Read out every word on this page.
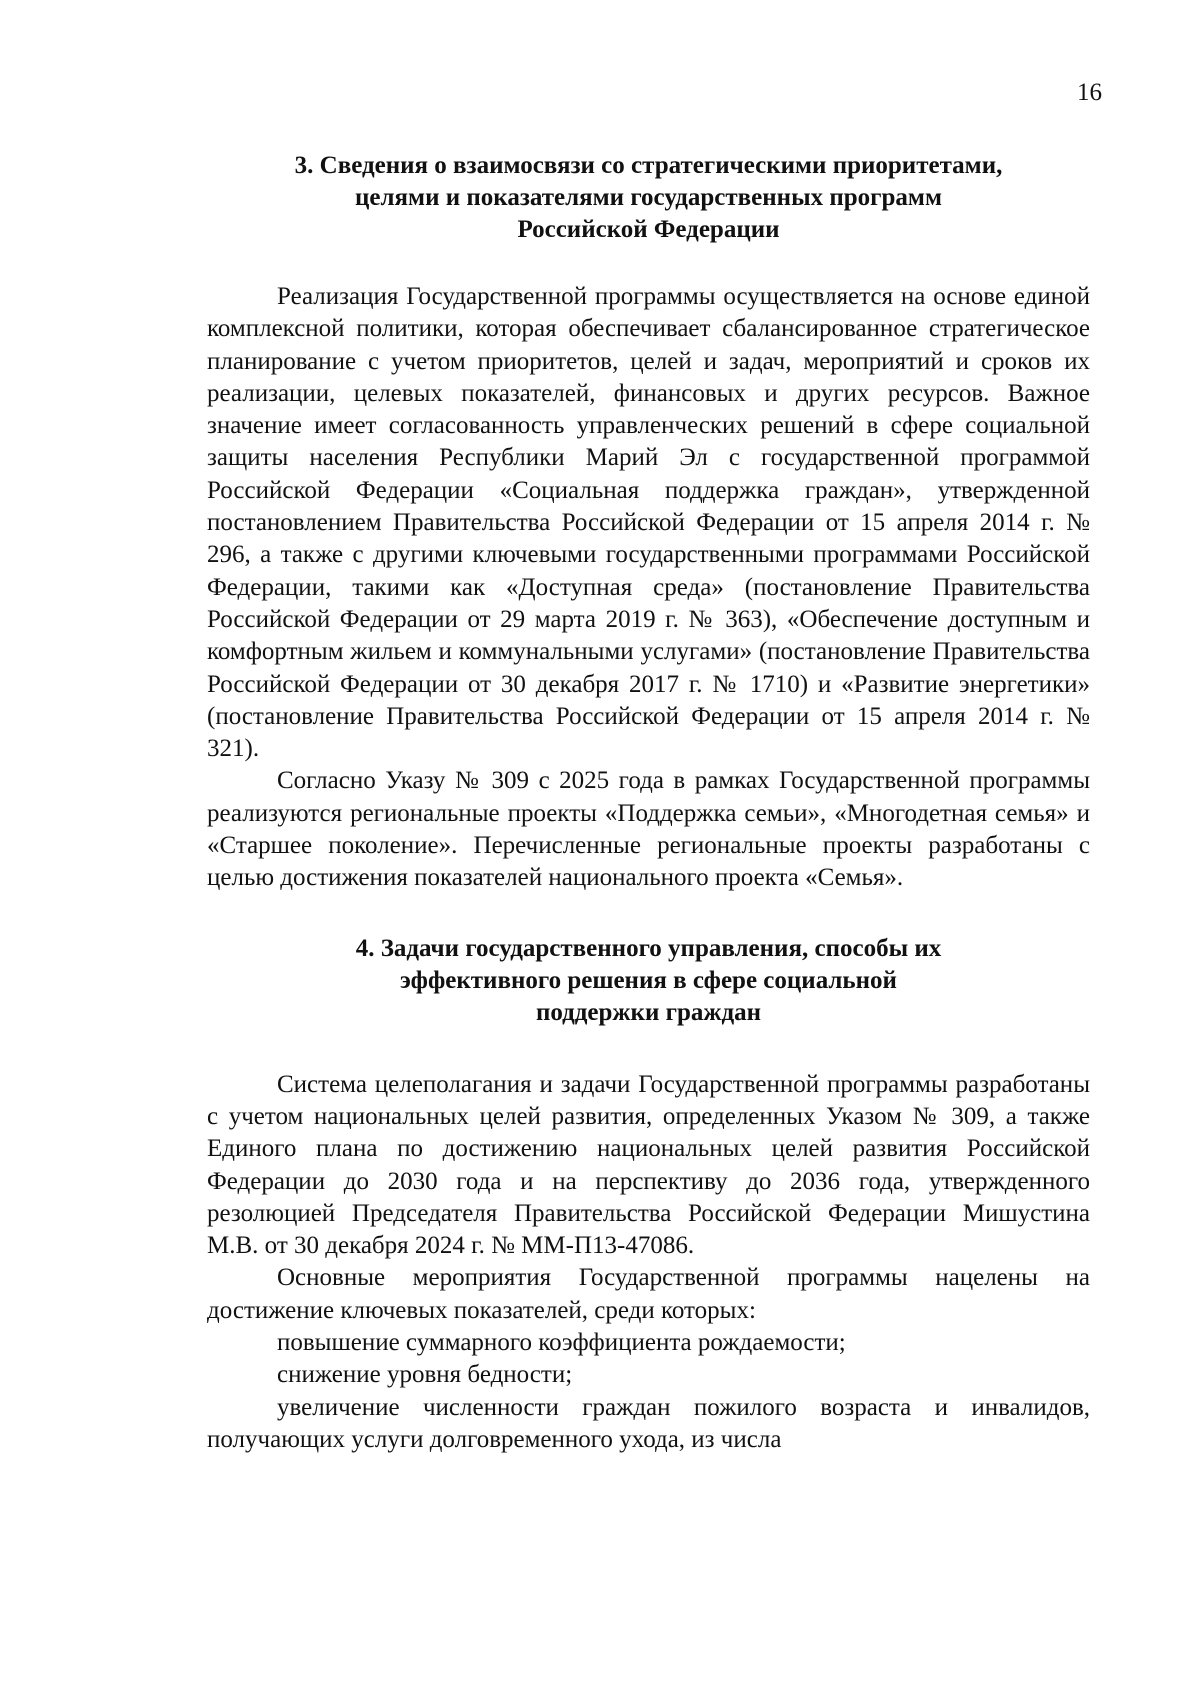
16
3. Сведения о взаимосвязи со стратегическими приоритетами,
целями и показателями государственных программ
Российской Федерации

Реализация Государственной программы осуществляется на основе единой комплексной политики, которая обеспечивает сбалансированное стратегическое планирование с учетом приоритетов, целей и задач, мероприятий и сроков их реализации, целевых показателей, финансовых и других ресурсов. Важное значение имеет согласованность управленческих решений в сфере социальной защиты населения Республики Марий Эл с государственной программой Российской Федерации «Социальная поддержка граждан», утвержденной постановлением Правительства Российской Федерации от 15 апреля 2014 г. № 296, а также с другими ключевыми государственными программами Российской Федерации, такими как «Доступная среда» (постановление Правительства Российской Федерации от 29 марта 2019 г. № 363), «Обеспечение доступным и комфортным жильем и коммунальными услугами» (постановление Правительства Российской Федерации от 30 декабря 2017 г. № 1710) и «Развитие энергетики» (постановление Правительства Российской Федерации от 15 апреля 2014 г. № 321).

Согласно Указу № 309 с 2025 года в рамках Государственной программы реализуются региональные проекты «Поддержка семьи», «Многодетная семья» и «Старшее поколение». Перечисленные региональные проекты разработаны с целью достижения показателей национального проекта «Семья».

4. Задачи государственного управления, способы их
эффективного решения в сфере социальной
поддержки граждан

Система целеполагания и задачи Государственной программы разработаны с учетом национальных целей развития, определенных Указом № 309, а также Единого плана по достижению национальных целей развития Российской Федерации до 2030 года и на перспективу до 2036 года, утвержденного резолюцией Председателя Правительства Российской Федерации Мишустина М.В. от 30 декабря 2024 г. № ММ-П13-47086.

Основные мероприятия Государственной программы нацелены на достижение ключевых показателей, среди которых:

повышение суммарного коэффициента рождаемости;

снижение уровня бедности;

увеличение численности граждан пожилого возраста и инвалидов, получающих услуги долговременного ухода, из числа
